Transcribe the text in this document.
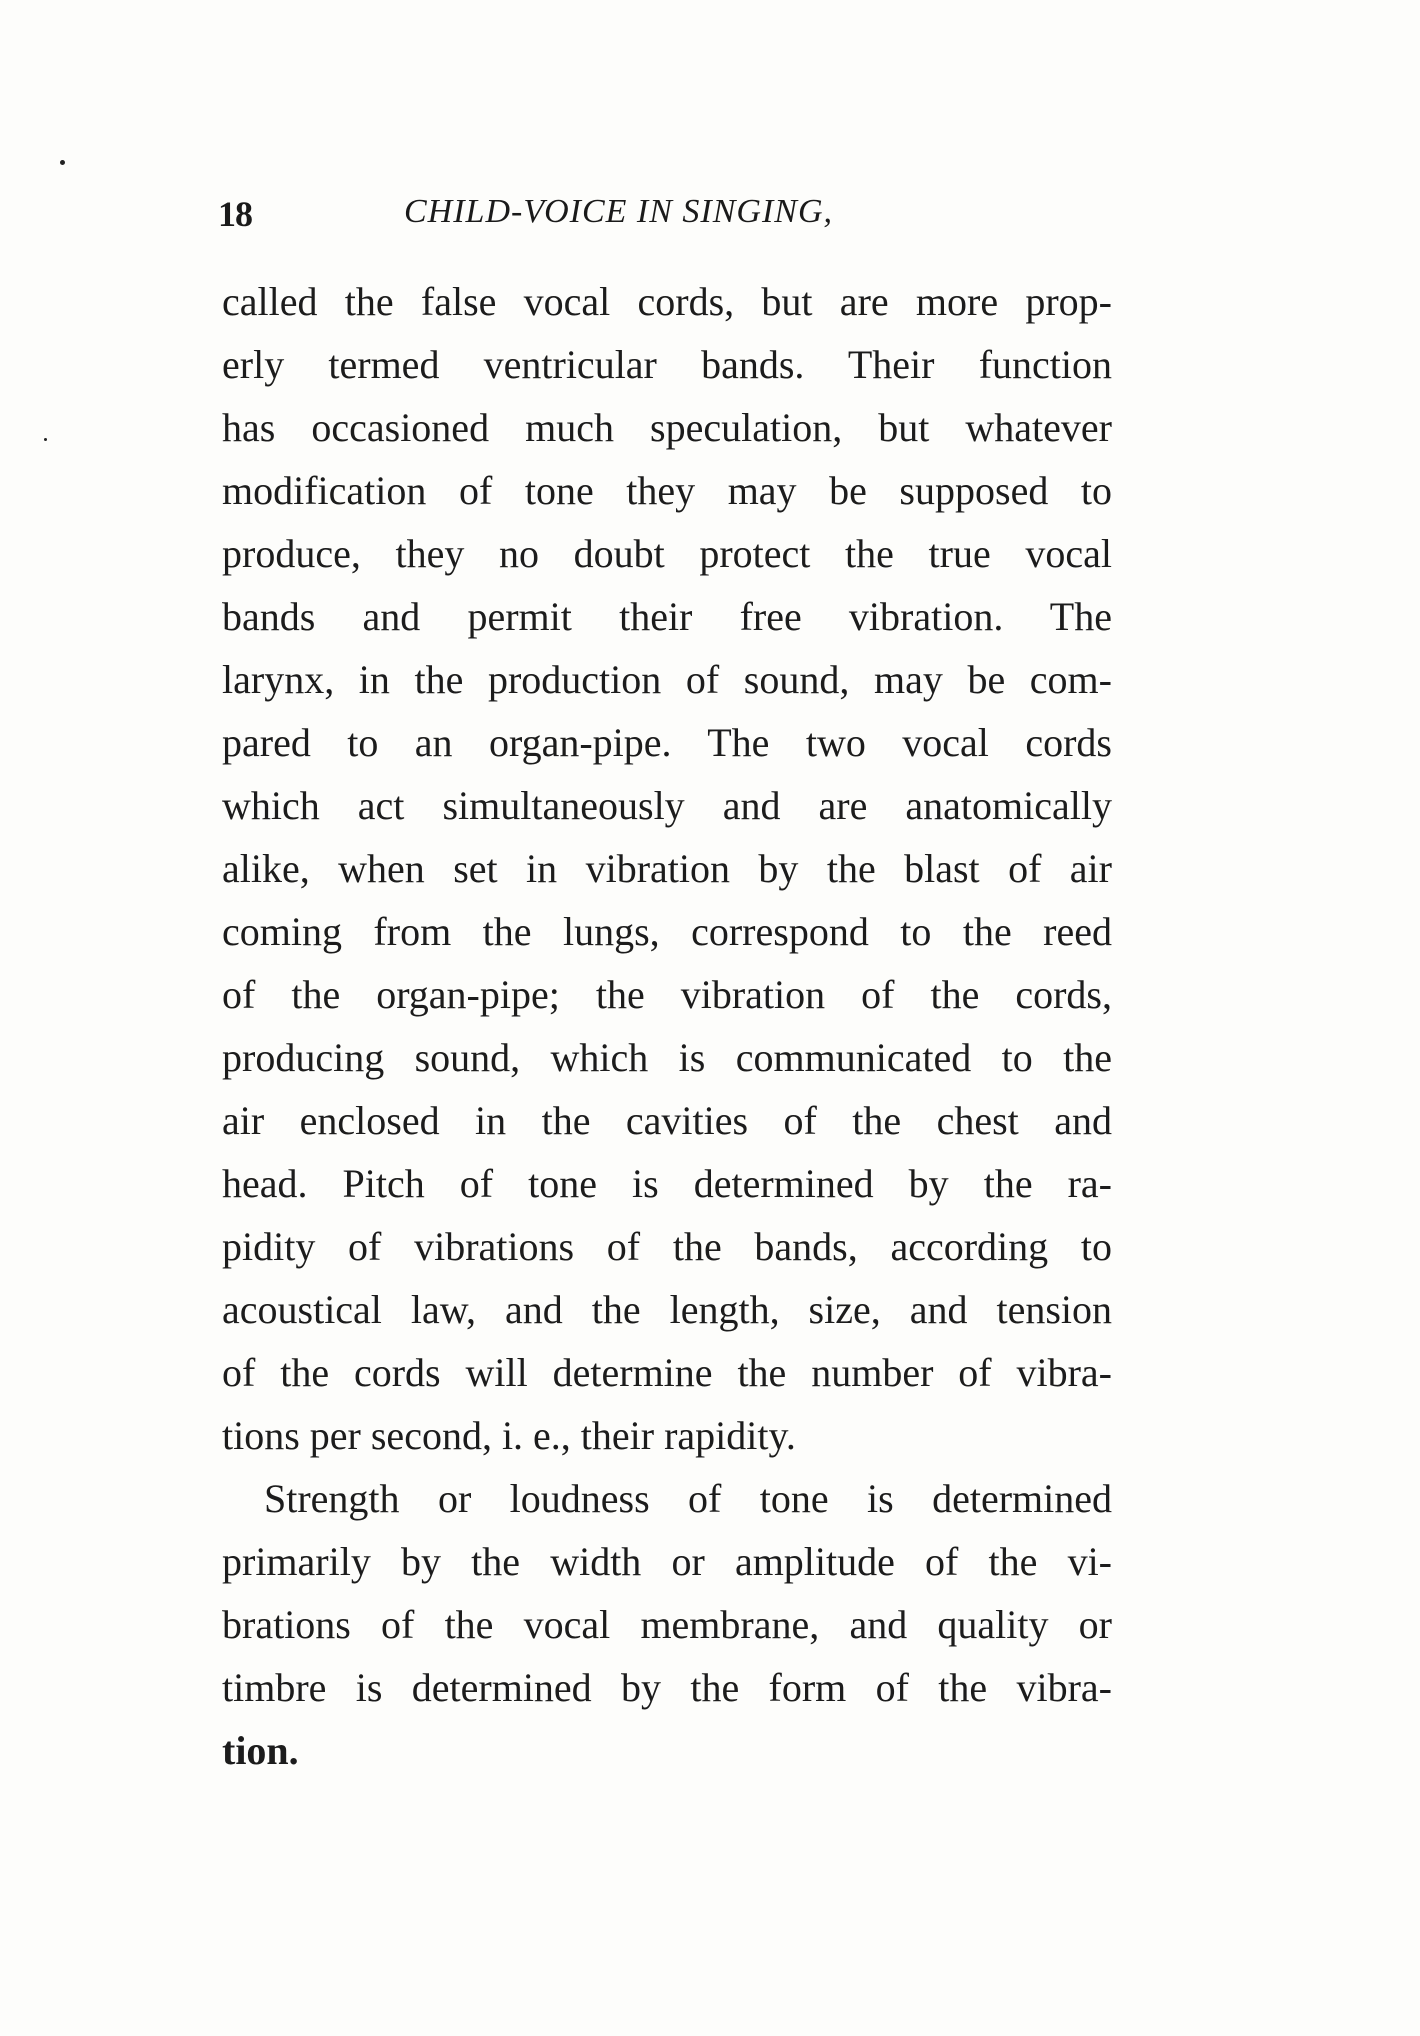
18	CHILD-VOICE IN SINGING,
called the false vocal cords, but are more prop-
erly termed ventricular bands. Their function
has occasioned much speculation, but whatever
modification of tone they may be supposed to
produce, they no doubt protect the true vocal
bands and permit their free vibration. The
larynx, in the production of sound, may be com-
pared to an organ-pipe. The two vocal cords
which act simultaneously and are anatomically
alike, when set in vibration by the blast of air
coming from the lungs, correspond to the reed
of the organ-pipe; the vibration of the cords,
producing sound, which is communicated to the
air enclosed in the cavities of the chest and
head. Pitch of tone is determined by the ra-
pidity of vibrations of the bands, according to
acoustical law, and the length, size, and tension
of the cords will determine the number of vibra-
tions per second, i. e., their rapidity.
Strength or loudness of tone is determined
primarily by the width or amplitude of the vi-
brations of the vocal membrane, and quality or
timbre is determined by the form of the vibra-
tion.
